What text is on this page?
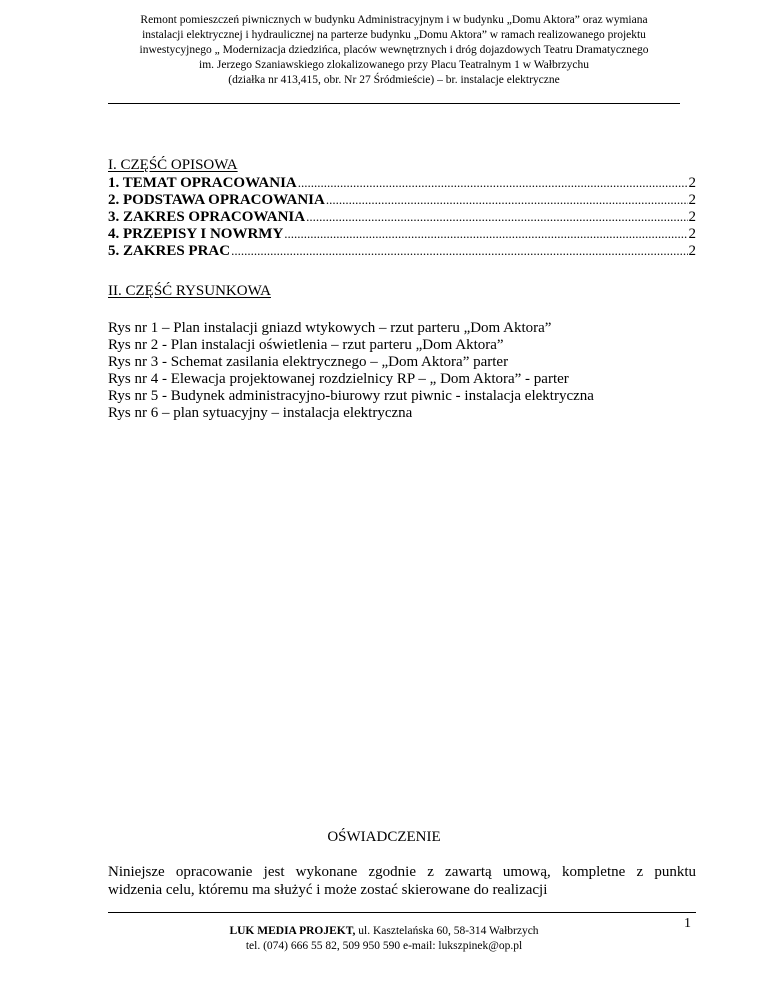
Remont pomieszczeń piwnicznych w budynku Administracyjnym i w budynku „Domu Aktora” oraz wymiana
instalacji elektrycznej i hydraulicznej na parterze budynku „Domu Aktora” w ramach realizowanego projektu
inwestycyjnego „ Modernizacja dziedzińca, placów wewnętrznych i dróg dojazdowych Teatru Dramatycznego
im. Jerzego Szaniawskiego zlokalizowanego przy Placu Teatralnym 1 w Wałbrzychu
(działka nr 413,415, obr. Nr 27 Śródmieście) – br. instalacje elektryczne
I. CZĘŚĆ OPISOWA
1. TEMAT OPRACOWANIA .....	2
2. PODSTAWA OPRACOWANIA .....	2
3. ZAKRES OPRACOWANIA .....	2
4. PRZEPISY I NOWRMY .....	2
5. ZAKRES PRAC .....	2
II. CZĘŚĆ RYSUNKOWA
Rys nr 1 – Plan instalacji gniazd wtykowych – rzut parteru „Dom Aktora”
Rys nr 2 - Plan instalacji oświetlenia – rzut parteru „Dom Aktora”
Rys nr 3 - Schemat zasilania elektrycznego – „Dom Aktora” parter
Rys nr 4 - Elewacja projektowanej rozdzielnicy RP – „ Dom Aktora” - parter
Rys nr 5 - Budynek administracyjno-biurowy rzut piwnic - instalacja elektryczna
Rys nr 6 – plan sytuacyjny – instalacja elektryczna
OŚWIADCZENIE
Niniejsze opracowanie jest wykonane zgodnie z zawartą umową, kompletne z punktu
widzenia celu, któremu ma służyć i może zostać skierowane do realizacji
1
LUK MEDIA PROJEKT, ul. Kasztelańska 60, 58-314 Wałbrzych
tel. (074) 666 55 82, 509 950 590 e-mail: lukszpinek@op.pl
